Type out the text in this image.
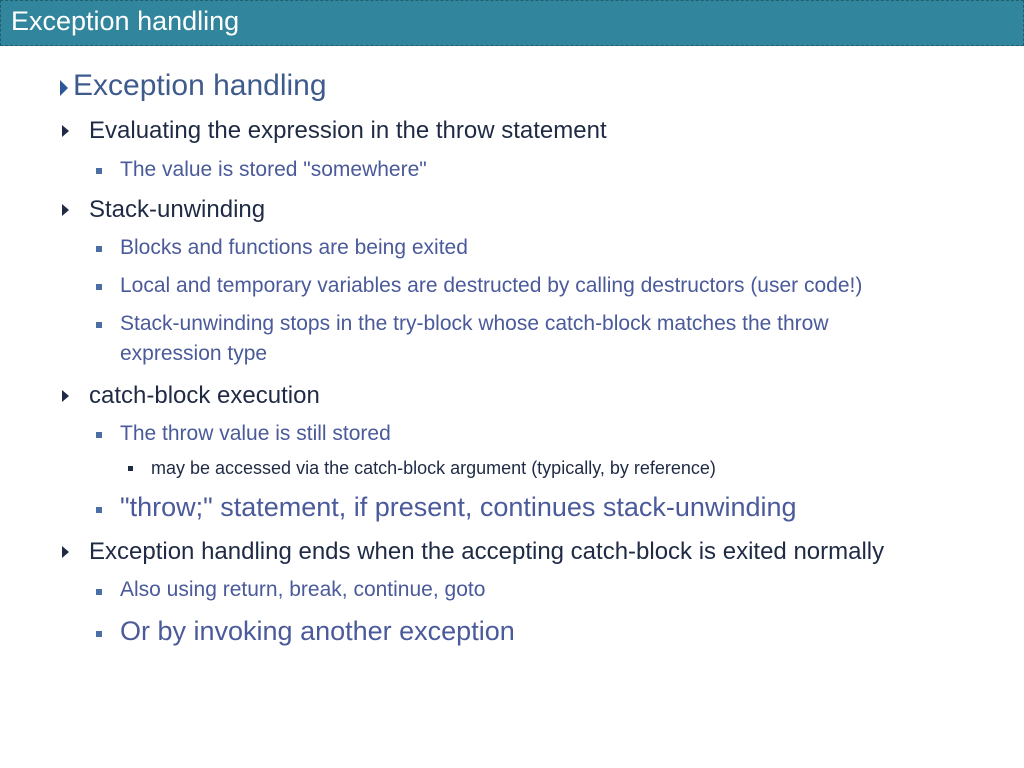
Exception handling
Exception handling
Evaluating the expression in the throw statement
The value is stored "somewhere"
Stack-unwinding
Blocks and functions are being exited
Local and temporary variables are destructed by calling destructors (user code!)
Stack-unwinding stops in the try-block whose catch-block matches the throw
expression type
catch-block execution
The throw value is still stored
may be accessed via the catch-block argument (typically, by reference)
"throw;" statement, if present, continues stack-unwinding
Exception handling ends when the accepting catch-block is exited normally
Also using return, break, continue, goto
Or by invoking another exception
